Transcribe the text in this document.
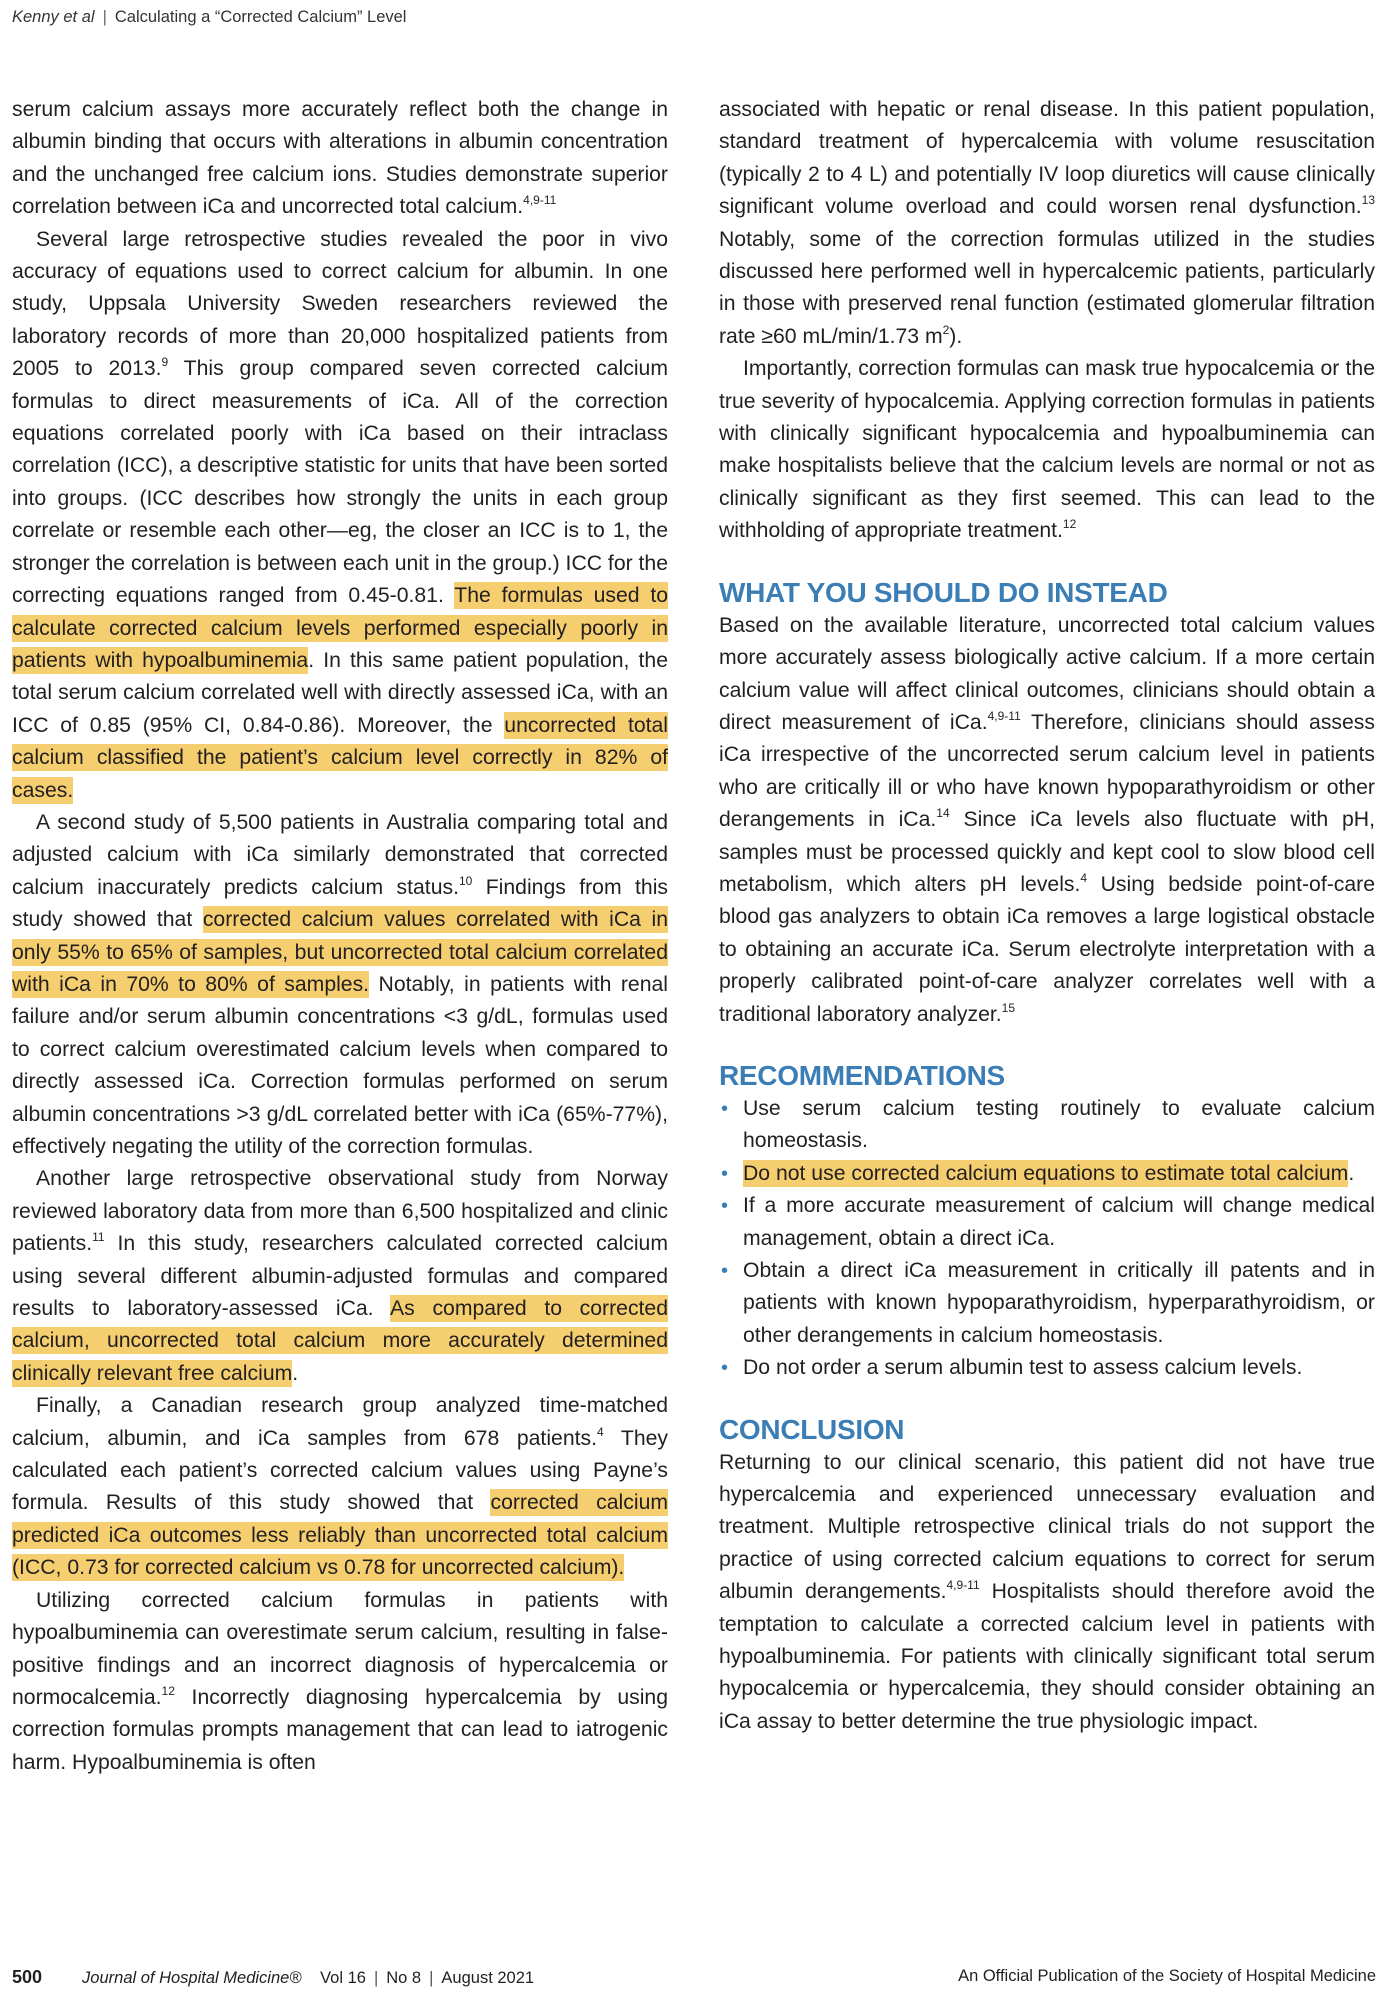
Kenny et al | Calculating a “Corrected Calcium” Level

serum calcium assays more accurately reflect both the change in albumin binding that occurs with alterations in albumin concentration and the unchanged free calcium ions. Studies demonstrate superior correlation between iCa and uncorrected total calcium.$^{4,9-11}$

Several large retrospective studies revealed the poor in vivo accuracy of equations used to correct calcium for albumin. In one study, Uppsala University Sweden researchers reviewed the laboratory records of more than 20,000 hospitalized patients from 2005 to 2013.$^9$ This group compared seven corrected calcium formulas to direct measurements of iCa. All of the correction equations correlated poorly with iCa based on their intraclass correlation (ICC), a descriptive statistic for units that have been sorted into groups. (ICC describes how strongly the units in each group correlate or resemble each other—eg, the closer an ICC is to 1, the stronger the correlation is between each unit in the group.) ICC for the correcting equations ranged from 0.45-0.81. The formulas used to calculate corrected calcium levels performed especially poorly in patients with hypoalbuminemia. In this same patient population, the total serum calcium correlated well with directly assessed iCa, with an ICC of 0.85 (95% CI, 0.84-0.86). Moreover, the uncorrected total calcium classified the patient’s calcium level correctly in 82% of cases.

A second study of 5,500 patients in Australia comparing total and adjusted calcium with iCa similarly demonstrated that corrected calcium inaccurately predicts calcium status.$^{10}$ Findings from this study showed that corrected calcium values correlated with iCa in only 55% to 65% of samples, but uncorrected total calcium correlated with iCa in 70% to 80% of samples. Notably, in patients with renal failure and/or serum albumin concentrations <3 g/dL, formulas used to correct calcium overestimated calcium levels when compared to directly assessed iCa. Correction formulas performed on serum albumin concentrations >3 g/dL correlated better with iCa (65%-77%), effectively negating the utility of the correction formulas.

Another large retrospective observational study from Norway reviewed laboratory data from more than 6,500 hospitalized and clinic patients.$^{11}$ In this study, researchers calculated corrected calcium using several different albumin-adjusted formulas and compared results to laboratory-assessed iCa. As compared to corrected calcium, uncorrected total calcium more accurately determined clinically relevant free calcium.

Finally, a Canadian research group analyzed time-matched calcium, albumin, and iCa samples from 678 patients.$^4$ They calculated each patient’s corrected calcium values using Payne’s formula. Results of this study showed that corrected calcium predicted iCa outcomes less reliably than uncorrected total calcium (ICC, 0.73 for corrected calcium vs 0.78 for uncorrected calcium).

Utilizing corrected calcium formulas in patients with hypoalbuminemia can overestimate serum calcium, resulting in false-positive findings and an incorrect diagnosis of hypercalcemia or normocalcemia.$^{12}$ Incorrectly diagnosing hypercalcemia by using correction formulas prompts management that can lead to iatrogenic harm. Hypoalbuminemia is often

associated with hepatic or renal disease. In this patient population, standard treatment of hypercalcemia with volume resuscitation (typically 2 to 4 L) and potentially IV loop diuretics will cause clinically significant volume overload and could worsen renal dysfunction.$^{13}$ Notably, some of the correction formulas utilized in the studies discussed here performed well in hypercalcemic patients, particularly in those with preserved renal function (estimated glomerular filtration rate ≥60 mL/min/1.73 $m^2$).

Importantly, correction formulas can mask true hypocalcemia or the true severity of hypocalcemia. Applying correction formulas in patients with clinically significant hypocalcemia and hypoalbuminemia can make hospitalists believe that the calcium levels are normal or not as clinically significant as they first seemed. This can lead to the withholding of appropriate treatment.$^{12}$

WHAT YOU SHOULD DO INSTEAD

Based on the available literature, uncorrected total calcium values more accurately assess biologically active calcium. If a more certain calcium value will affect clinical outcomes, clinicians should obtain a direct measurement of iCa.$^{4,9-11}$ Therefore, clinicians should assess iCa irrespective of the uncorrected serum calcium level in patients who are critically ill or who have known hypoparathyroidism or other derangements in iCa.$^{14}$ Since iCa levels also fluctuate with pH, samples must be processed quickly and kept cool to slow blood cell metabolism, which alters pH levels.$^4$ Using bedside point-of-care blood gas analyzers to obtain iCa removes a large logistical obstacle to obtaining an accurate iCa. Serum electrolyte interpretation with a properly calibrated point-of-care analyzer correlates well with a traditional laboratory analyzer.$^{15}$

RECOMMENDATIONS
• Use serum calcium testing routinely to evaluate calcium homeostasis.
• Do not use corrected calcium equations to estimate total calcium.
• If a more accurate measurement of calcium will change medical management, obtain a direct iCa.
• Obtain a direct iCa measurement in critically ill patents and in patients with known hypoparathyroidism, hyperparathyroidism, or other derangements in calcium homeostasis.
• Do not order a serum albumin test to assess calcium levels.
CONCLUSION

Returning to our clinical scenario, this patient did not have true hypercalcemia and experienced unnecessary evaluation and treatment. Multiple retrospective clinical trials do not support the practice of using corrected calcium equations to correct for serum albumin derangements.$^{4,9-11}$ Hospitalists should therefore avoid the temptation to calculate a corrected calcium level in patients with hypoalbuminemia. For patients with clinically significant total serum hypocalcemia or hypercalcemia, they should consider obtaining an iCa assay to better determine the true physiologic impact.

500 Journal of Hospital Medicine® Vol 16 | No 8 | August 2021	An Official Publication of the Society of Hospital Medicine
